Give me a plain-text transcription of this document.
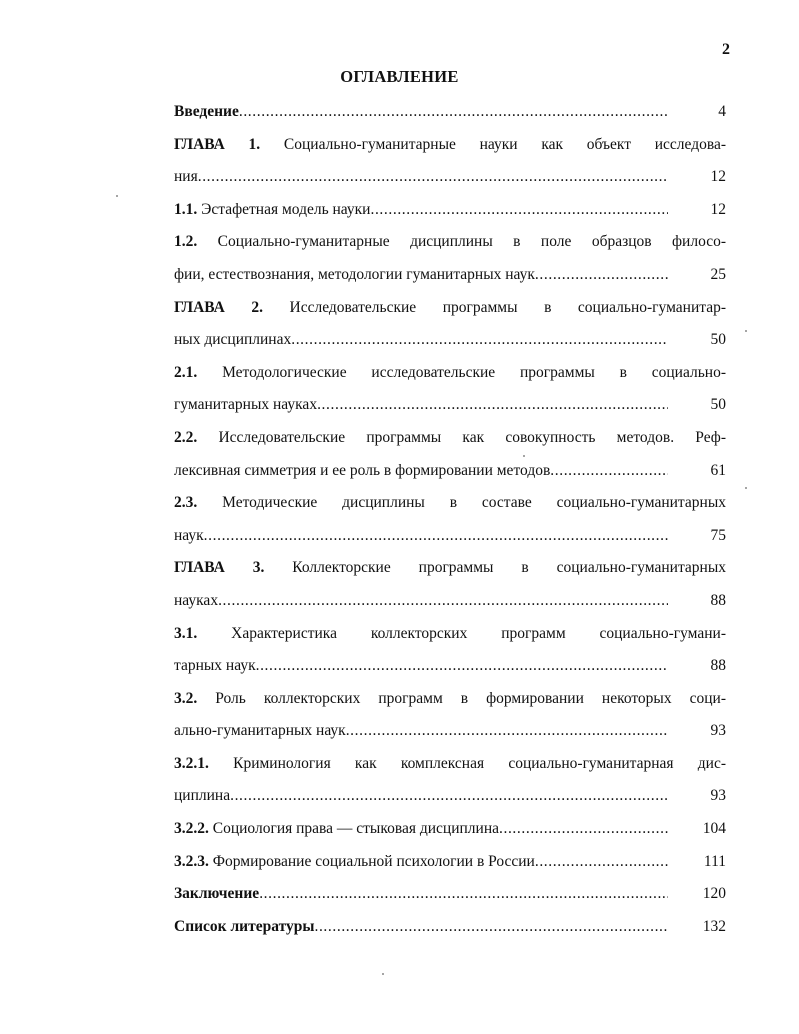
2
ОГЛАВЛЕНИЕ
Введение .....	4
ГЛАВА 1. Социально-гуманитарные науки как объект исследова-
ния .....	12
1.1. Эстафетная модель науки .....	12
1.2. Социально-гуманитарные дисциплины в поле образцов филосо-
фии, естествознания, методологии гуманитарных наук .....	25
ГЛАВА 2. Исследовательские программы в социально-гуманитар-
ных дисциплинах .....	50
2.1. Методологические исследовательские программы в социально-
гуманитарных науках .....	50
2.2. Исследовательские программы как совокупность методов. Реф-
лексивная симметрия и ее роль в формировании методов .....	61
2.3. Методические дисциплины в составе социально-гуманитарных
наук .....	75
ГЛАВА 3. Коллекторские программы в социально-гуманитарных
науках .....	88
3.1. Характеристика коллекторских программ социально-гумани-
тарных наук .....	88
3.2. Роль коллекторских программ в формировании некоторых соци-
ально-гуманитарных наук .....	93
3.2.1. Криминология как комплексная социально-гуманитарная дис-
циплина .....	93
3.2.2. Социология права — стыковая дисциплина .....	104
3.2.3. Формирование социальной психологии в России .....	111
Заключение .....	120
Список литературы .....	132
